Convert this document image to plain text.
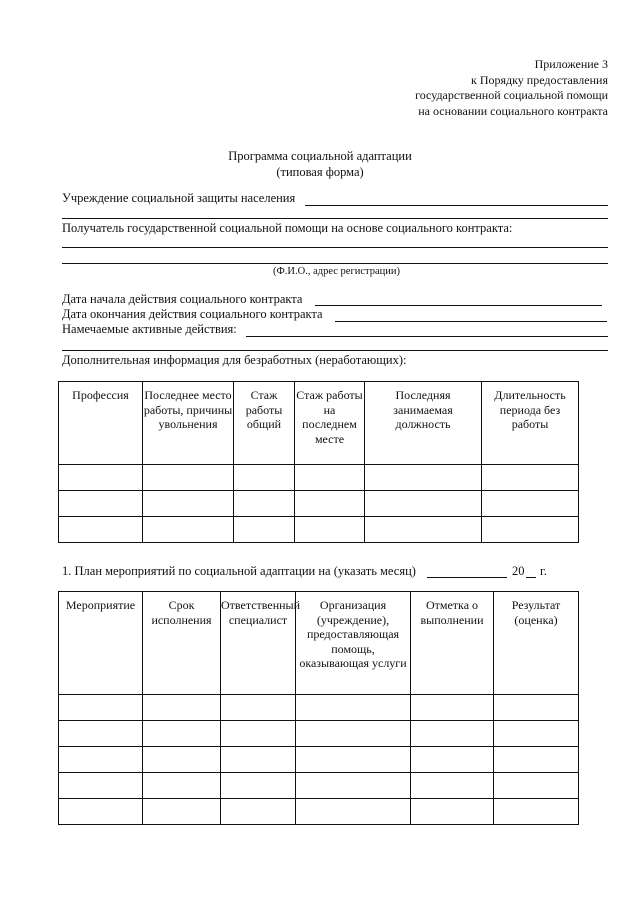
Приложение 3
к Порядку предоставления
государственной социальной помощи
на основании социального контракта
Программа социальной адаптации
(типовая форма)
Учреждение социальной защиты населения
Получатель государственной социальной помощи на основе социального контракта:
(Ф.И.О., адрес регистрации)
Дата начала действия социального контракта
Дата окончания действия социального контракта
Намечаемые активные действия:
Дополнительная информация для безработных (неработающих):
Профессия	Последнее место работы, причины увольнения	Стаж работы общий	Стаж работы на последнем месте	Последняя занимаемая должность	Длительность периода без работы

1. План мероприятий по социальной адаптации на (указать месяц)	20 г.
Мероприятие	Срок исполнения	Ответственный специалист	Организация (учреждение), предоставляющая помощь, оказывающая услуги	Отметка о выполнении	Результат (оценка)
